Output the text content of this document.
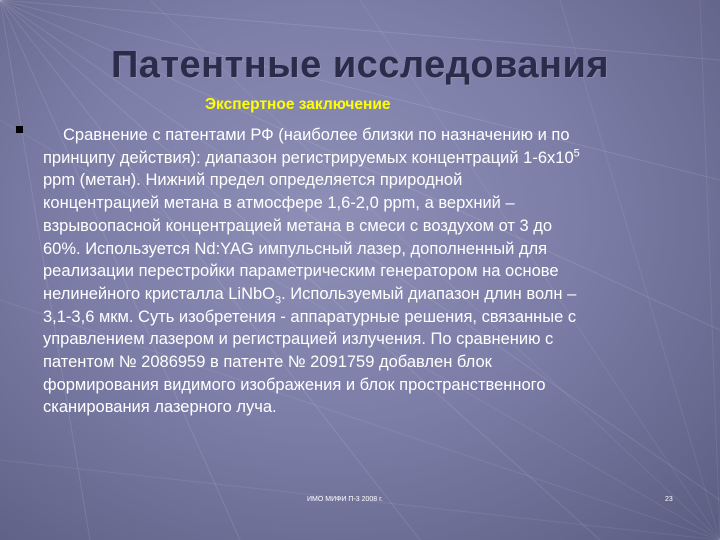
Патентные исследования
Экспертное заключение
Сравнение с патентами РФ (наиболее близки по назначению и по
принципу действия): диапазон регистрируемых концентраций $1-6х10^5$
ppm (метан). Нижний предел определяется природной
концентрацией метана в атмосфере 1,6-2,0 ppm, а верхний –
взрывоопасной концентрацией метана в смеси с воздухом от 3 до
60%. Используется Nd:YAG импульсный лазер, дополненный для
реализации перестройки параметрическим генератором на основе
нелинейного кристалла LiNbO$_3$. Используемый диапазон длин волн –
3,1-3,6 мкм. Суть изобретения - аппаратурные решения, связанные с
управлением лазером и регистрацией излучения. По сравнению с
патентом № 2086959 в патенте № 2091759 добавлен блок
формирования видимого изображения и блок пространственного
сканирования лазерного луча.
ИМО МИФИ П-3 2008 г.	23
